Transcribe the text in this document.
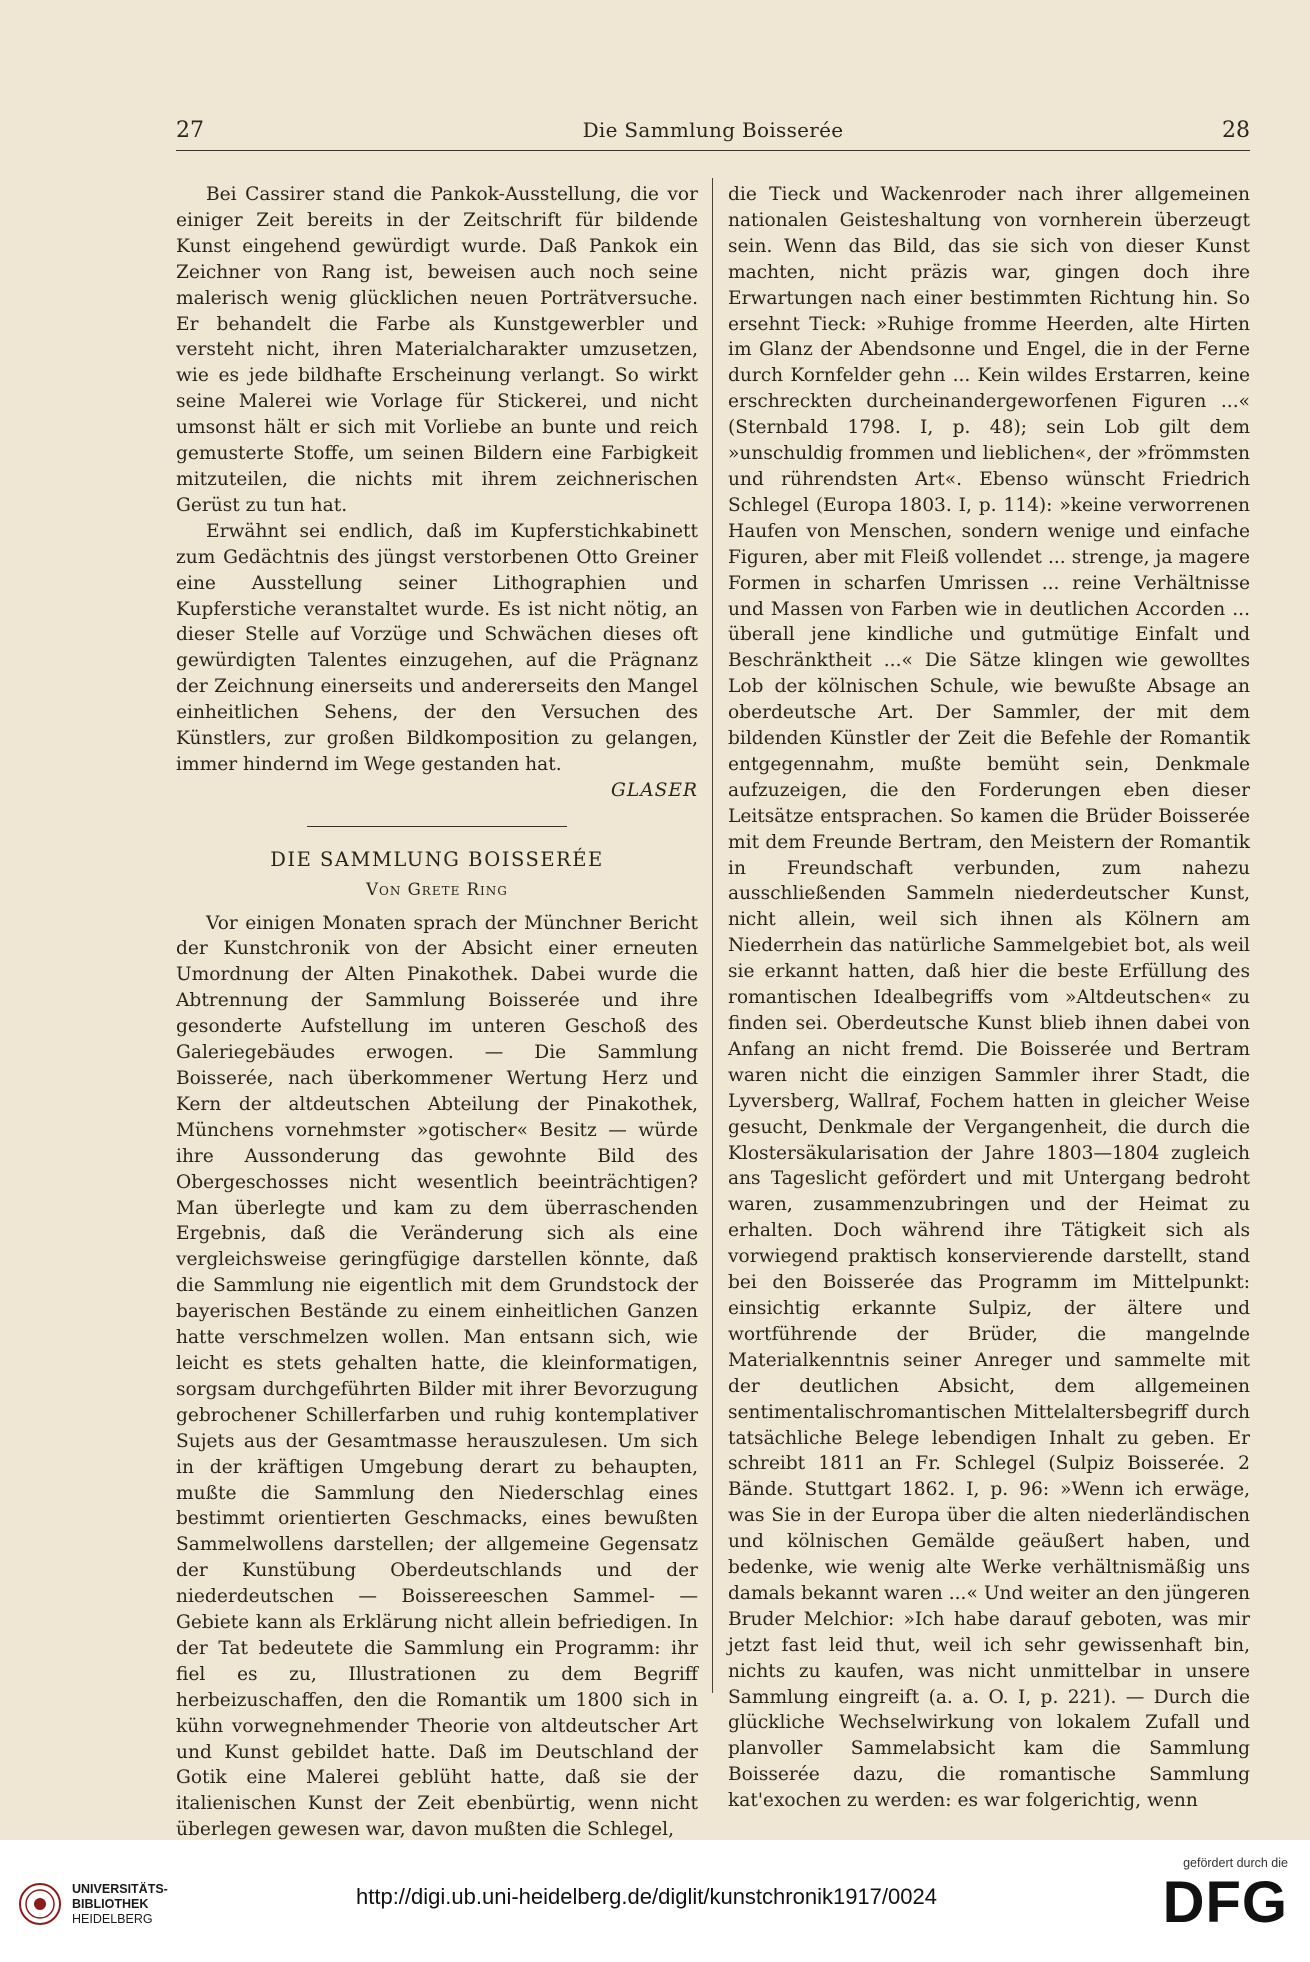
27	Die Sammlung Boisserée	28

Bei Cassirer stand die Pankok-Ausstellung, die vor einiger Zeit bereits in der Zeitschrift für bildende Kunst eingehend gewürdigt wurde. Daß Pankok ein Zeichner von Rang ist, beweisen auch noch seine malerisch wenig glücklichen neuen Porträtversuche. Er behandelt die Farbe als Kunstgewerbler und versteht nicht, ihren Materialcharakter umzusetzen, wie es jede bildhafte Erscheinung verlangt. So wirkt seine Malerei wie Vorlage für Stickerei, und nicht umsonst hält er sich mit Vorliebe an bunte und reich gemusterte Stoffe, um seinen Bildern eine Farbigkeit mitzuteilen, die nichts mit ihrem zeichnerischen Gerüst zu tun hat.

Erwähnt sei endlich, daß im Kupferstichkabinett zum Gedächtnis des jüngst verstorbenen Otto Greiner eine Ausstellung seiner Lithographien und Kupferstiche veranstaltet wurde. Es ist nicht nötig, an dieser Stelle auf Vorzüge und Schwächen dieses oft gewürdigten Talentes einzugehen, auf die Prägnanz der Zeichnung einerseits und andererseits den Mangel einheitlichen Sehens, der den Versuchen des Künstlers, zur großen Bildkomposition zu gelangen, immer hindernd im Wege gestanden hat.

GLASER
DIE SAMMLUNG BOISSERÉE
Von Grete Ring

Vor einigen Monaten sprach der Münchner Bericht der Kunstchronik von der Absicht einer erneuten Umordnung der Alten Pinakothek. Dabei wurde die Abtrennung der Sammlung Boisserée und ihre gesonderte Aufstellung im unteren Geschoß des Galeriegebäudes erwogen. — Die Sammlung Boisserée, nach überkommener Wertung Herz und Kern der altdeutschen Abteilung der Pinakothek, Münchens vornehmster »gotischer« Besitz — würde ihre Aussonderung das gewohnte Bild des Obergeschosses nicht wesentlich beeinträchtigen? Man überlegte und kam zu dem überraschenden Ergebnis, daß die Veränderung sich als eine vergleichsweise geringfügige darstellen könnte, daß die Sammlung nie eigentlich mit dem Grundstock der bayerischen Bestände zu einem einheitlichen Ganzen hatte verschmelzen wollen. Man entsann sich, wie leicht es stets gehalten hatte, die kleinformatigen, sorgsam durchgeführten Bilder mit ihrer Bevorzugung gebrochener Schillerfarben und ruhig kontemplativer Sujets aus der Gesamtmasse herauszulesen. Um sich in der kräftigen Umgebung derart zu behaupten, mußte die Sammlung den Niederschlag eines bestimmt orientierten Geschmacks, eines bewußten Sammelwollens darstellen; der allgemeine Gegensatz der Kunstübung Oberdeutschlands und der niederdeutschen — Boissereeschen Sammel- — Gebiete kann als Erklärung nicht allein befriedigen. In der Tat bedeutete die Sammlung ein Programm: ihr fiel es zu, Illustrationen zu dem Begriff herbeizuschaffen, den die Romantik um 1800 sich in kühn vorwegnehmender Theorie von altdeutscher Art und Kunst gebildet hatte. Daß im Deutschland der Gotik eine Malerei geblüht hatte, daß sie der italienischen Kunst der Zeit ebenbürtig, wenn nicht überlegen gewesen war, davon mußten die Schlegel,

die Tieck und Wackenroder nach ihrer allgemeinen nationalen Geisteshaltung von vornherein überzeugt sein. Wenn das Bild, das sie sich von dieser Kunst machten, nicht präzis war, gingen doch ihre Erwartungen nach einer bestimmten Richtung hin. So ersehnt Tieck: »Ruhige fromme Heerden, alte Hirten im Glanz der Abendsonne und Engel, die in der Ferne durch Kornfelder gehn ... Kein wildes Erstarren, keine erschreckten durcheinandergeworfenen Figuren ...« (Sternbald 1798. I, p. 48); sein Lob gilt dem »unschuldig frommen und lieblichen«, der »frömmsten und rührendsten Art«. Ebenso wünscht Friedrich Schlegel (Europa 1803. I, p. 114): »keine verworrenen Haufen von Menschen, sondern wenige und einfache Figuren, aber mit Fleiß vollendet ... strenge, ja magere Formen in scharfen Umrissen ... reine Verhältnisse und Massen von Farben wie in deutlichen Accorden ... überall jene kindliche und gutmütige Einfalt und Beschränktheit ...« Die Sätze klingen wie gewolltes Lob der kölnischen Schule, wie bewußte Absage an oberdeutsche Art. Der Sammler, der mit dem bildenden Künstler der Zeit die Befehle der Romantik entgegennahm, mußte bemüht sein, Denkmale aufzuzeigen, die den Forderungen eben dieser Leitsätze entsprachen. So kamen die Brüder Boisserée mit dem Freunde Bertram, den Meistern der Romantik in Freundschaft verbunden, zum nahezu ausschließenden Sammeln niederdeutscher Kunst, nicht allein, weil sich ihnen als Kölnern am Niederrhein das natürliche Sammelgebiet bot, als weil sie erkannt hatten, daß hier die beste Erfüllung des romantischen Idealbegriffs vom »Altdeutschen« zu finden sei. Oberdeutsche Kunst blieb ihnen dabei von Anfang an nicht fremd. Die Boisserée und Bertram waren nicht die einzigen Sammler ihrer Stadt, die Lyversberg, Wallraf, Fochem hatten in gleicher Weise gesucht, Denkmale der Vergangenheit, die durch die Klostersäkularisation der Jahre 1803—1804 zugleich ans Tageslicht gefördert und mit Untergang bedroht waren, zusammenzubringen und der Heimat zu erhalten. Doch während ihre Tätigkeit sich als vorwiegend praktisch konservierende darstellt, stand bei den Boisserée das Programm im Mittelpunkt: einsichtig erkannte Sulpiz, der ältere und wortführende der Brüder, die mangelnde Materialkenntnis seiner Anreger und sammelte mit der deutlichen Absicht, dem allgemeinen sentimentalischromantischen Mittelaltersbegriff durch tatsächliche Belege lebendigen Inhalt zu geben. Er schreibt 1811 an Fr. Schlegel (Sulpiz Boisserée. 2 Bände. Stuttgart 1862. I, p. 96: »Wenn ich erwäge, was Sie in der Europa über die alten niederländischen und kölnischen Gemälde geäußert haben, und bedenke, wie wenig alte Werke verhältnismäßig uns damals bekannt waren ...« Und weiter an den jüngeren Bruder Melchior: »Ich habe darauf geboten, was mir jetzt fast leid thut, weil ich sehr gewissenhaft bin, nichts zu kaufen, was nicht unmittelbar in unsere Sammlung eingreift (a. a. O. I, p. 221). — Durch die glückliche Wechselwirkung von lokalem Zufall und planvoller Sammelabsicht kam die Sammlung Boisserée dazu, die romantische Sammlung kat'exochen zu werden: es war folgerichtig, wenn

UNIVERSITÄTS-
BIBLIOTHEK
HEIDELBERG
http://digi.ub.uni-heidelberg.de/diglit/kunstchronik1917/0024
gefördert durch die
DFG
